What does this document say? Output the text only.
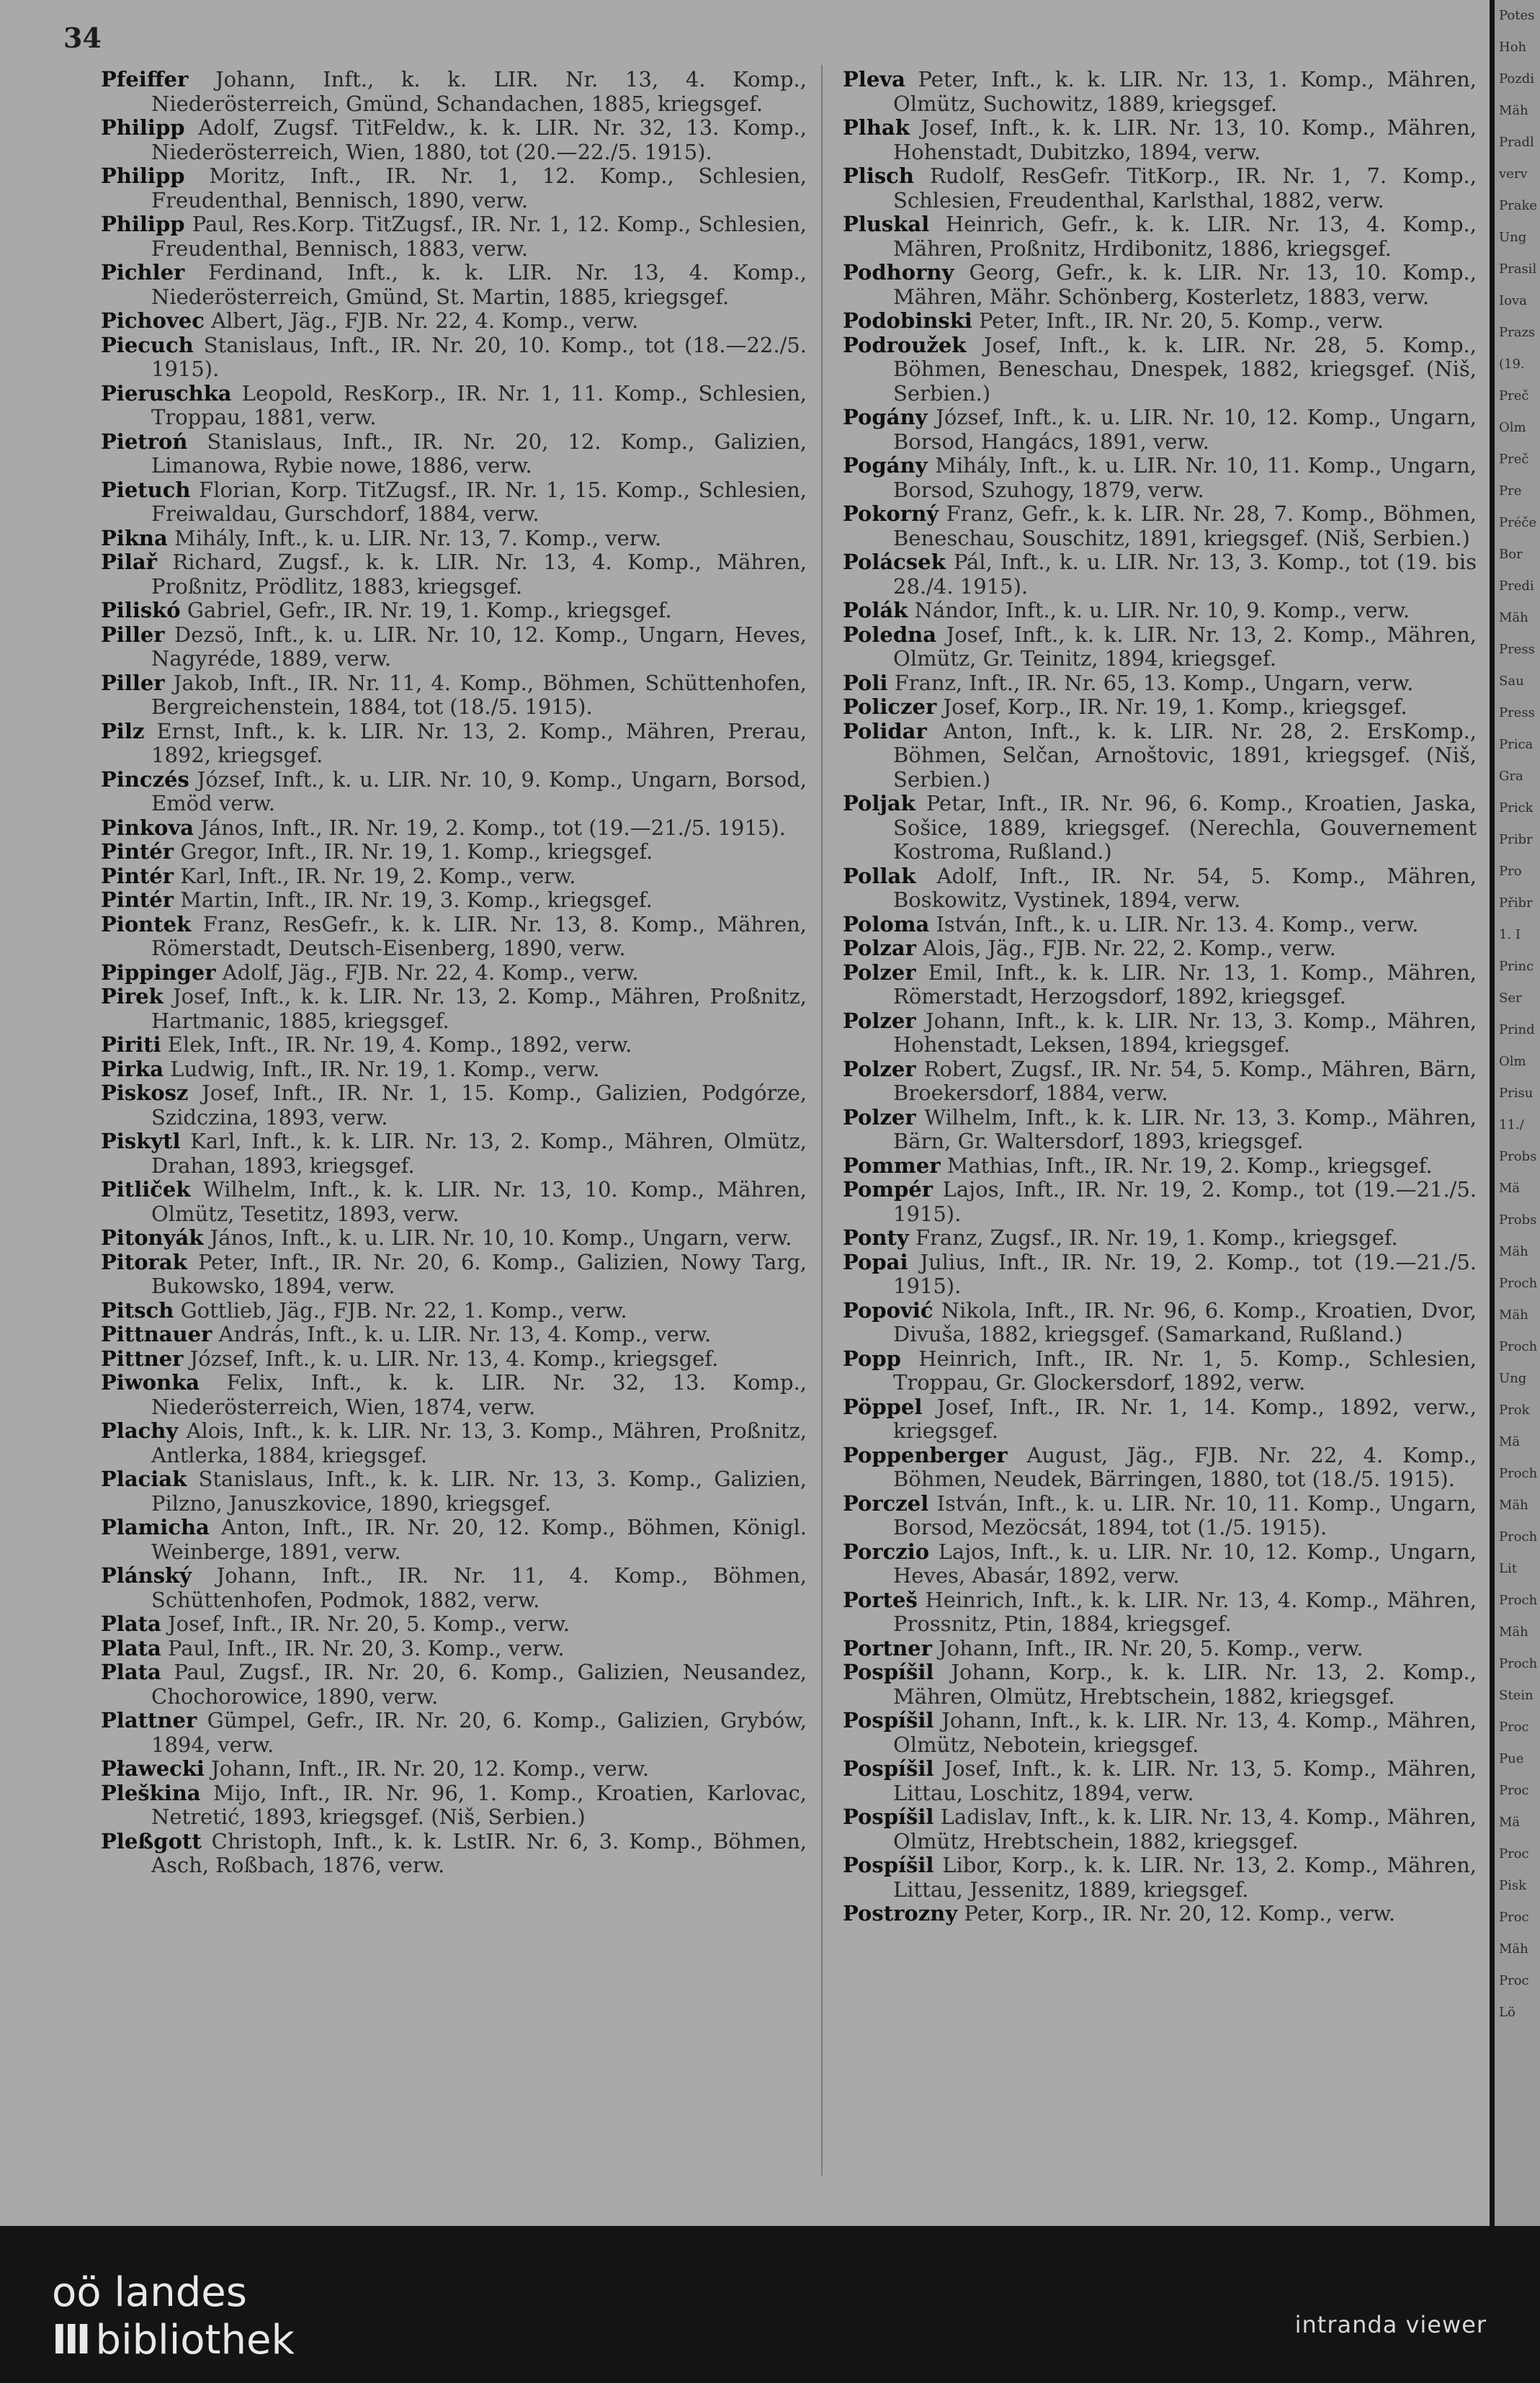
34

Pfeiffer Johann, Inft., k. k. LIR. Nr. 13, 4. Komp., Niederösterreich, Gmünd, Schandachen, 1885, kriegsgef.

Philipp Adolf, Zugsf. TitFeldw., k. k. LIR. Nr. 32, 13. Komp., Niederösterreich, Wien, 1880, tot (20.—22./5. 1915).

Philipp Moritz, Inft., IR. Nr. 1, 12. Komp., Schlesien, Freudenthal, Bennisch, 1890, verw.

Philipp Paul, Res.Korp. TitZugsf., IR. Nr. 1, 12. Komp., Schlesien, Freudenthal, Bennisch, 1883, verw.

Pichler Ferdinand, Inft., k. k. LIR. Nr. 13, 4. Komp., Niederösterreich, Gmünd, St. Martin, 1885, kriegsgef.

Pichovec Albert, Jäg., FJB. Nr. 22, 4. Komp., verw.

Piecuch Stanislaus, Inft., IR. Nr. 20, 10. Komp., tot (18.—22./5. 1915).

Pieruschka Leopold, ResKorp., IR. Nr. 1, 11. Komp., Schlesien, Troppau, 1881, verw.

Pietroń Stanislaus, Inft., IR. Nr. 20, 12. Komp., Galizien, Limanowa, Rybie nowe, 1886, verw.

Pietuch Florian, Korp. TitZugsf., IR. Nr. 1, 15. Komp., Schlesien, Freiwaldau, Gurschdorf, 1884, verw.

Pikna Mihály, Inft., k. u. LIR. Nr. 13, 7. Komp., verw.

Pilař Richard, Zugsf., k. k. LIR. Nr. 13, 4. Komp., Mähren, Proßnitz, Prödlitz, 1883, kriegsgef.

Piliskó Gabriel, Gefr., IR. Nr. 19, 1. Komp., kriegsgef.

Piller Dezsö, Inft., k. u. LIR. Nr. 10, 12. Komp., Ungarn, Heves, Nagyréde, 1889, verw.

Piller Jakob, Inft., IR. Nr. 11, 4. Komp., Böhmen, Schüttenhofen, Bergreichenstein, 1884, tot (18./5. 1915).

Pilz Ernst, Inft., k. k. LIR. Nr. 13, 2. Komp., Mähren, Prerau, 1892, kriegsgef.

Pinczés József, Inft., k. u. LIR. Nr. 10, 9. Komp., Ungarn, Borsod, Emöd verw.

Pinkova János, Inft., IR. Nr. 19, 2. Komp., tot (19.—21./5. 1915).

Pintér Gregor, Inft., IR. Nr. 19, 1. Komp., kriegsgef.

Pintér Karl, Inft., IR. Nr. 19, 2. Komp., verw.

Pintér Martin, Inft., IR. Nr. 19, 3. Komp., kriegsgef.

Piontek Franz, ResGefr., k. k. LIR. Nr. 13, 8. Komp., Mähren, Römerstadt, Deutsch-Eisenberg, 1890, verw.

Pippinger Adolf, Jäg., FJB. Nr. 22, 4. Komp., verw.

Pirek Josef, Inft., k. k. LIR. Nr. 13, 2. Komp., Mähren, Proßnitz, Hartmanic, 1885, kriegsgef.

Piriti Elek, Inft., IR. Nr. 19, 4. Komp., 1892, verw.

Pirka Ludwig, Inft., IR. Nr. 19, 1. Komp., verw.

Piskosz Josef, Inft., IR. Nr. 1, 15. Komp., Galizien, Podgórze, Szidczina, 1893, verw.

Piskytl Karl, Inft., k. k. LIR. Nr. 13, 2. Komp., Mähren, Olmütz, Drahan, 1893, kriegsgef.

Pitliček Wilhelm, Inft., k. k. LIR. Nr. 13, 10. Komp., Mähren, Olmütz, Tesetitz, 1893, verw.

Pitonyák János, Inft., k. u. LIR. Nr. 10, 10. Komp., Ungarn, verw.

Pitorak Peter, Inft., IR. Nr. 20, 6. Komp., Galizien, Nowy Targ, Bukowsko, 1894, verw.

Pitsch Gottlieb, Jäg., FJB. Nr. 22, 1. Komp., verw.

Pittnauer András, Inft., k. u. LIR. Nr. 13, 4. Komp., verw.

Pittner József, Inft., k. u. LIR. Nr. 13, 4. Komp., kriegsgef.

Piwonka Felix, Inft., k. k. LIR. Nr. 32, 13. Komp., Niederösterreich, Wien, 1874, verw.

Plachy Alois, Inft., k. k. LIR. Nr. 13, 3. Komp., Mähren, Proßnitz, Antlerka, 1884, kriegsgef.

Placiak Stanislaus, Inft., k. k. LIR. Nr. 13, 3. Komp., Galizien, Pilzno, Januszkovice, 1890, kriegsgef.

Plamicha Anton, Inft., IR. Nr. 20, 12. Komp., Böhmen, Königl. Weinberge, 1891, verw.

Plánský Johann, Inft., IR. Nr. 11, 4. Komp., Böhmen, Schüttenhofen, Podmok, 1882, verw.

Plata Josef, Inft., IR. Nr. 20, 5. Komp., verw.

Plata Paul, Inft., IR. Nr. 20, 3. Komp., verw.

Plata Paul, Zugsf., IR. Nr. 20, 6. Komp., Galizien, Neusandez, Chochorowice, 1890, verw.

Plattner Gümpel, Gefr., IR. Nr. 20, 6. Komp., Galizien, Grybów, 1894, verw.

Pławecki Johann, Inft., IR. Nr. 20, 12. Komp., verw.

Pleškina Mijo, Inft., IR. Nr. 96, 1. Komp., Kroatien, Karlovac, Netretić, 1893, kriegsgef. (Niš, Serbien.)

Pleßgott Christoph, Inft., k. k. LstIR. Nr. 6, 3. Komp., Böhmen, Asch, Roßbach, 1876, verw.

Pleva Peter, Inft., k. k. LIR. Nr. 13, 1. Komp., Mähren, Olmütz, Suchowitz, 1889, kriegsgef.

Plhak Josef, Inft., k. k. LIR. Nr. 13, 10. Komp., Mähren, Hohenstadt, Dubitzko, 1894, verw.

Plisch Rudolf, ResGefr. TitKorp., IR. Nr. 1, 7. Komp., Schlesien, Freudenthal, Karlsthal, 1882, verw.

Pluskal Heinrich, Gefr., k. k. LIR. Nr. 13, 4. Komp., Mähren, Proßnitz, Hrdibonitz, 1886, kriegsgef.

Podhorny Georg, Gefr., k. k. LIR. Nr. 13, 10. Komp., Mähren, Mähr. Schönberg, Kosterletz, 1883, verw.

Podobinski Peter, Inft., IR. Nr. 20, 5. Komp., verw.

Podroužek Josef, Inft., k. k. LIR. Nr. 28, 5. Komp., Böhmen, Beneschau, Dnespek, 1882, kriegsgef. (Niš, Serbien.)

Pogány József, Inft., k. u. LIR. Nr. 10, 12. Komp., Ungarn, Borsod, Hangács, 1891, verw.

Pogány Mihály, Inft., k. u. LIR. Nr. 10, 11. Komp., Ungarn, Borsod, Szuhogy, 1879, verw.

Pokorný Franz, Gefr., k. k. LIR. Nr. 28, 7. Komp., Böhmen, Beneschau, Souschitz, 1891, kriegsgef. (Niš, Serbien.)

Polácsek Pál, Inft., k. u. LIR. Nr. 13, 3. Komp., tot (19. bis 28./4. 1915).

Polák Nándor, Inft., k. u. LIR. Nr. 10, 9. Komp., verw.

Poledna Josef, Inft., k. k. LIR. Nr. 13, 2. Komp., Mähren, Olmütz, Gr. Teinitz, 1894, kriegsgef.

Poli Franz, Inft., IR. Nr. 65, 13. Komp., Ungarn, verw.

Policzer Josef, Korp., IR. Nr. 19, 1. Komp., kriegsgef.

Polidar Anton, Inft., k. k. LIR. Nr. 28, 2. ErsKomp., Böhmen, Selčan, Arnoštovic, 1891, kriegsgef. (Niš, Serbien.)

Poljak Petar, Inft., IR. Nr. 96, 6. Komp., Kroatien, Jaska, Sošice, 1889, kriegsgef. (Nerechla, Gouvernement Kostroma, Rußland.)

Pollak Adolf, Inft., IR. Nr. 54, 5. Komp., Mähren, Boskowitz, Vystinek, 1894, verw.

Poloma István, Inft., k. u. LIR. Nr. 13. 4. Komp., verw.

Polzar Alois, Jäg., FJB. Nr. 22, 2. Komp., verw.

Polzer Emil, Inft., k. k. LIR. Nr. 13, 1. Komp., Mähren, Römerstadt, Herzogsdorf, 1892, kriegsgef.

Polzer Johann, Inft., k. k. LIR. Nr. 13, 3. Komp., Mähren, Hohenstadt, Leksen, 1894, kriegsgef.

Polzer Robert, Zugsf., IR. Nr. 54, 5. Komp., Mähren, Bärn, Broekersdorf, 1884, verw.

Polzer Wilhelm, Inft., k. k. LIR. Nr. 13, 3. Komp., Mähren, Bärn, Gr. Waltersdorf, 1893, kriegsgef.

Pommer Mathias, Inft., IR. Nr. 19, 2. Komp., kriegsgef.

Pompér Lajos, Inft., IR. Nr. 19, 2. Komp., tot (19.—21./5. 1915).

Ponty Franz, Zugsf., IR. Nr. 19, 1. Komp., kriegsgef.

Popai Julius, Inft., IR. Nr. 19, 2. Komp., tot (19.—21./5. 1915).

Popović Nikola, Inft., IR. Nr. 96, 6. Komp., Kroatien, Dvor, Divuša, 1882, kriegsgef. (Samarkand, Rußland.)

Popp Heinrich, Inft., IR. Nr. 1, 5. Komp., Schlesien, Troppau, Gr. Glockersdorf, 1892, verw.

Pöppel Josef, Inft., IR. Nr. 1, 14. Komp., 1892, verw., kriegsgef.

Poppenberger August, Jäg., FJB. Nr. 22, 4. Komp., Böhmen, Neudek, Bärringen, 1880, tot (18./5. 1915).

Porczel István, Inft., k. u. LIR. Nr. 10, 11. Komp., Ungarn, Borsod, Mezöcsát, 1894, tot (1./5. 1915).

Porczio Lajos, Inft., k. u. LIR. Nr. 10, 12. Komp., Ungarn, Heves, Abasár, 1892, verw.

Porteš Heinrich, Inft., k. k. LIR. Nr. 13, 4. Komp., Mähren, Prossnitz, Ptin, 1884, kriegsgef.

Portner Johann, Inft., IR. Nr. 20, 5. Komp., verw.

Pospíšil Johann, Korp., k. k. LIR. Nr. 13, 2. Komp., Mähren, Olmütz, Hrebtschein, 1882, kriegsgef.

Pospíšil Johann, Inft., k. k. LIR. Nr. 13, 4. Komp., Mähren, Olmütz, Nebotein, kriegsgef.

Pospíšil Josef, Inft., k. k. LIR. Nr. 13, 5. Komp., Mähren, Littau, Loschitz, 1894, verw.

Pospíšil Ladislav, Inft., k. k. LIR. Nr. 13, 4. Komp., Mähren, Olmütz, Hrebtschein, 1882, kriegsgef.

Pospíšil Libor, Korp., k. k. LIR. Nr. 13, 2. Komp., Mähren, Littau, Jessenitz, 1889, kriegsgef.

Postrozny Peter, Korp., IR. Nr. 20, 12. Komp., verw.

Potes
Hoh
Pozdi
Mäh
Pradl
verv
Prake
Ung
Prasil
Iova
Prazs
(19.
Preč
Olm
Preč
Pre
Préče
Bor
Predi
Mäh
Press
Sau
Press
Prica
Gra
Prick
Pribr
Pro
Přibr
1. I
Princ
Ser
Prind
Olm
Prisu
11./
Probs
Mä
Probs
Mäh
Proch
Mäh
Proch
Ung
Prok
Mä
Proch
Mäh
Proch
Lit
Proch
Mäh
Proch
Stein
Proc
Pue
Proc
Mä
Proc
Pisk
Proc
Mäh
Proc
Lö
oö landes
III bibliothek	intranda viewer
